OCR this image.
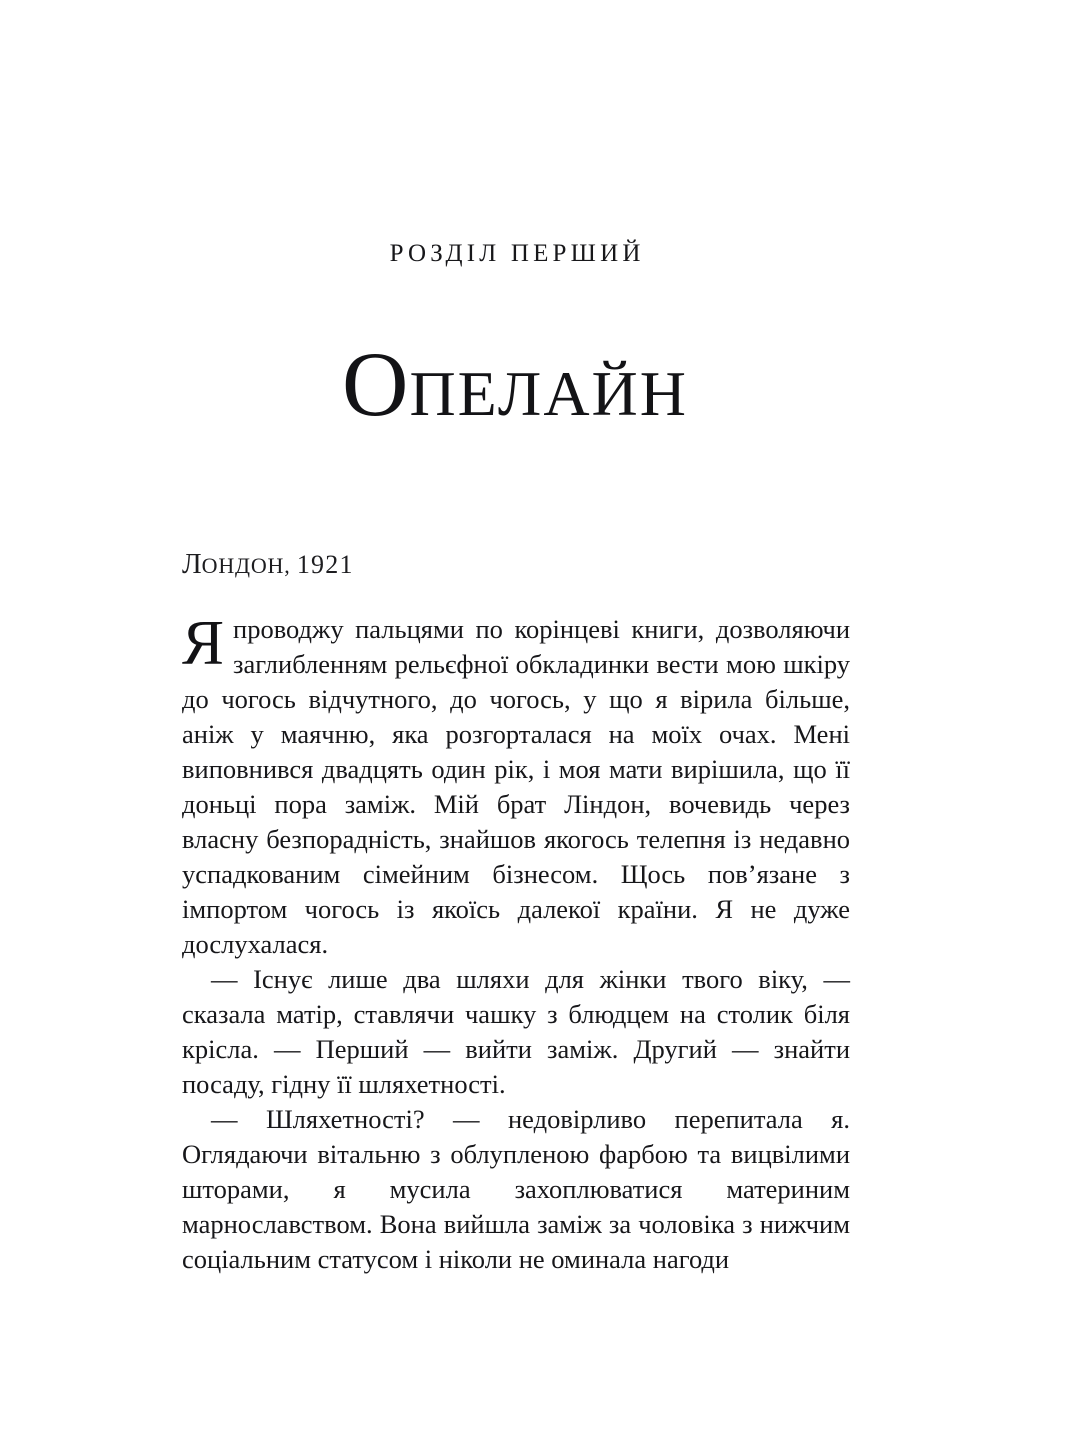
РОЗДІЛ ПЕРШИЙ
ОПЕЛАЙН
ЛОНДОН, 1921

Япроводжу пальцями по корінцеві книги, дозволяючи заглибленням рельєфної обкладинки вести мою шкіру до чогось відчутного, до чогось, у що я вірила більше, аніж у маячню, яка розгорталася на моїх очах. Мені виповнився двадцять один рік, і моя мати вирішила, що її доньці пора заміж. Мій брат Ліндон, вочевидь через власну безпорадність, знайшов якогось телепня із недавно успадкованим сімейним бізнесом. Щось пов’язане з імпортом чогось із якоїсь далекої країни. Я не дуже дослухалася.

— Існує лише два шляхи для жінки твого віку, — сказала матір, ставлячи чашку з блюдцем на столик біля крісла. — Перший — вийти заміж. Другий — знайти посаду, гідну її шляхетності.

— Шляхетності? — недовірливо перепитала я. Оглядаючи вітальню з облупленою фарбою та вицвілими шторами, я мусила захоплюватися материним марнославством. Вона вийшла заміж за чоловіка з нижчим соціальним статусом і ніколи не оминала нагоди
